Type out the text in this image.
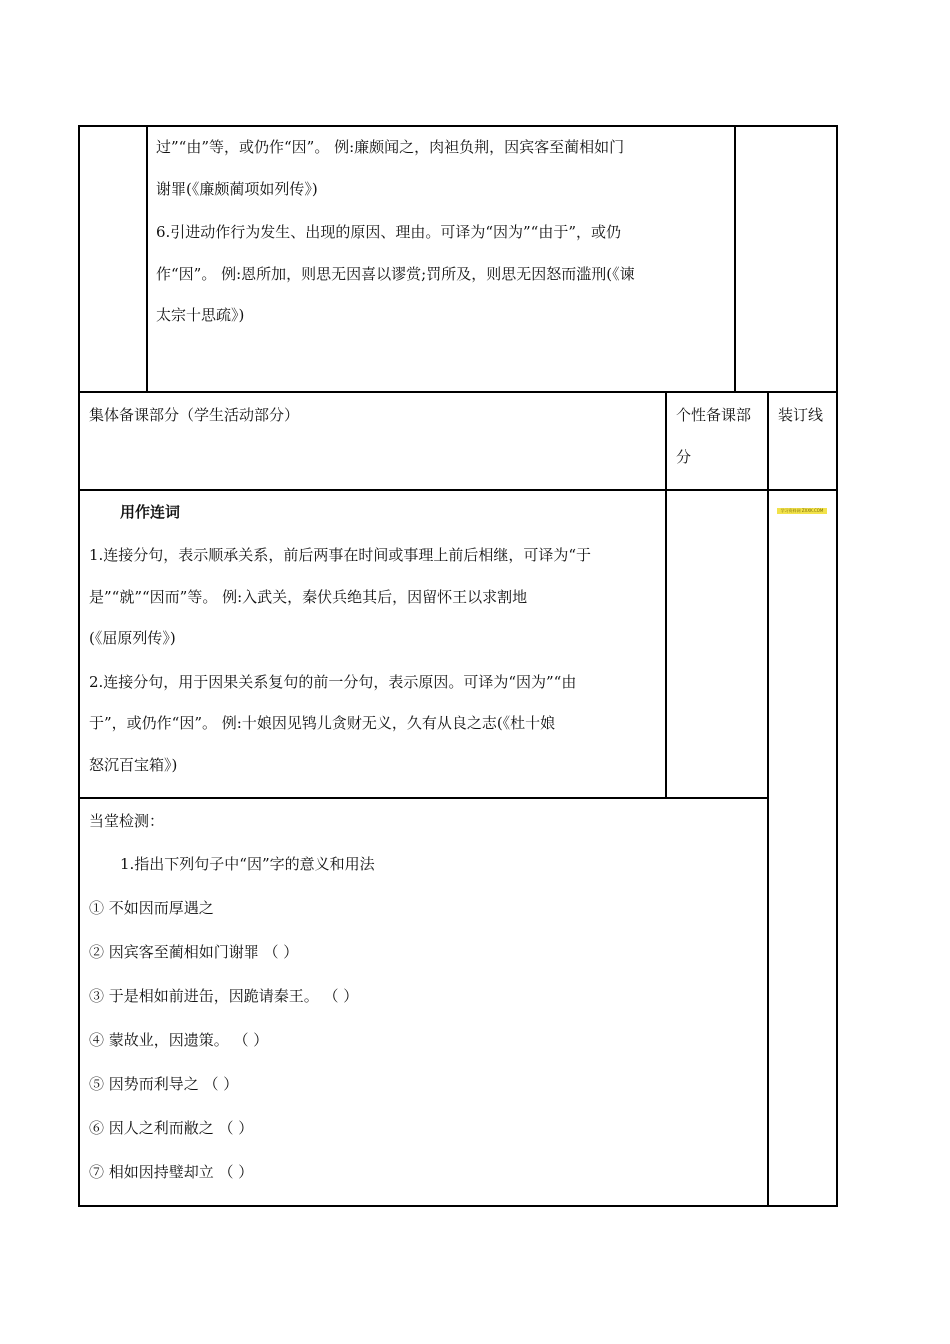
过”“由”等，或仍作“因”。 例:廉颇闻之，肉袒负荆，因宾客至蔺相如门
谢罪(《廉颇蔺项如列传》)
6.引进动作行为发生、出现的原因、理由。可译为“因为”“由于”，或仍
作“因”。 例:恩所加，则思无因喜以谬赏;罚所及，则思无因怒而滥刑(《谏
太宗十思疏》)
集体备课部分（学生活动部分）	个性备课部
分
装订线
用作连词
1.连接分句，表示顺承关系，前后两事在时间或事理上前后相继，可译为“于
是”“就”“因而”等。 例:入武关，秦伏兵绝其后，因留怀王以求割地
(《屈原列传》)
2.连接分句，用于因果关系复句的前一分句，表示原因。可译为“因为”“由
于”，或仍作“因”。 例:十娘因见鸨儿贪财无义，久有从良之志(《杜十娘
怒沉百宝箱》)
学习资料网 ZXXK.COM
当堂检测：
1.指出下列句子中“因”字的意义和用法
① 不如因而厚遇之
② 因宾客至蔺相如门谢罪 （ ）
③ 于是相如前进缶，因跪请秦王。 （ ）
④ 蒙故业，因遗策。 （ ）
⑤ 因势而利导之 （ ）
⑥ 因人之利而敝之 （ ）
⑦ 相如因持璧却立 （ ）
